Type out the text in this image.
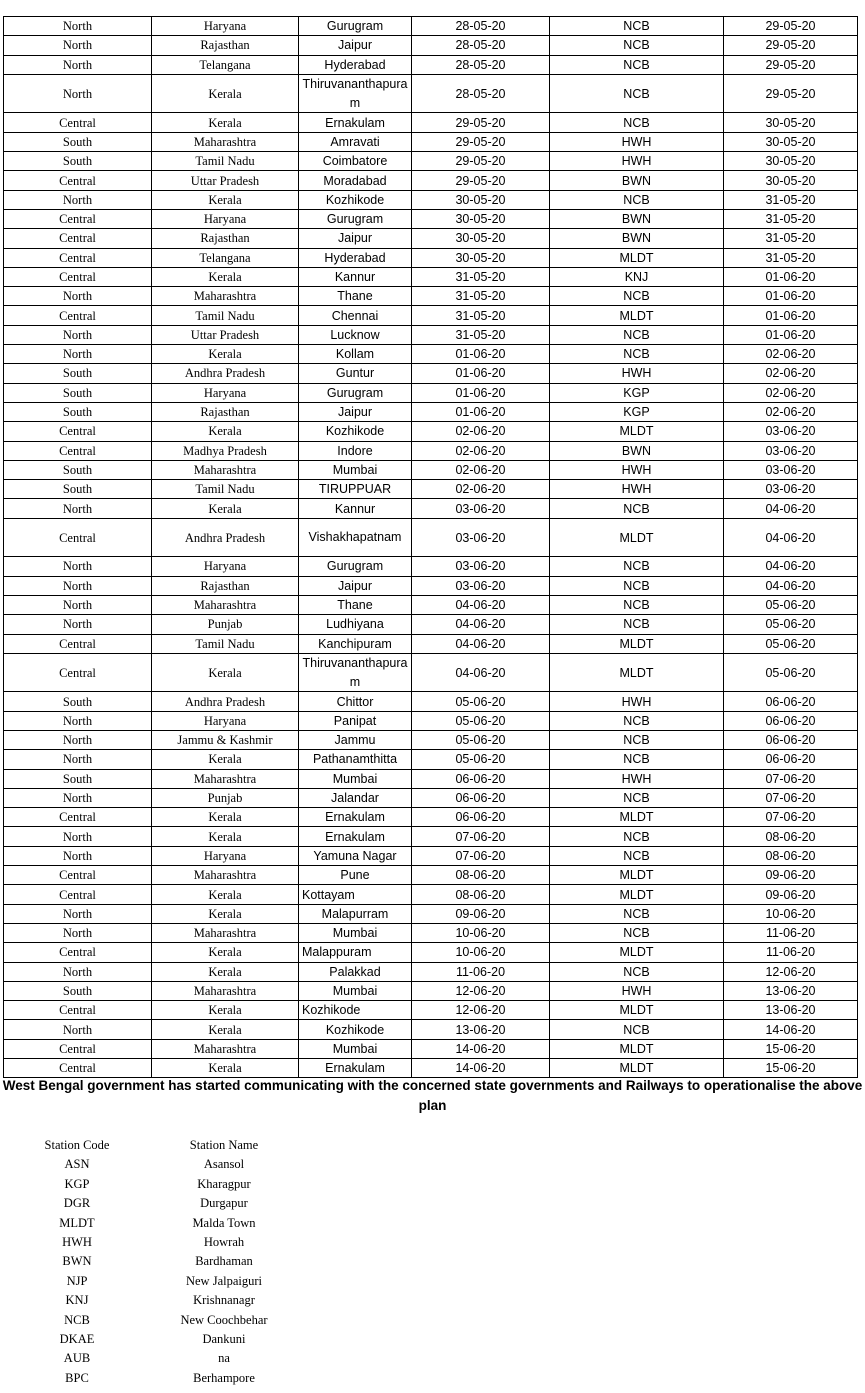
North	Haryana	Gurugram	28-05-20	NCB	29-05-20
North	Rajasthan	Jaipur	28-05-20	NCB	29-05-20
North	Telangana	Hyderabad	28-05-20	NCB	29-05-20
North	Kerala	Thiruvananthapuram	28-05-20	NCB	29-05-20
Central	Kerala	Ernakulam	29-05-20	NCB	30-05-20
South	Maharashtra	Amravati	29-05-20	HWH	30-05-20
South	Tamil Nadu	Coimbatore	29-05-20	HWH	30-05-20
Central	Uttar Pradesh	Moradabad	29-05-20	BWN	30-05-20
North	Kerala	Kozhikode	30-05-20	NCB	31-05-20
Central	Haryana	Gurugram	30-05-20	BWN	31-05-20
Central	Rajasthan	Jaipur	30-05-20	BWN	31-05-20
Central	Telangana	Hyderabad	30-05-20	MLDT	31-05-20
Central	Kerala	Kannur	31-05-20	KNJ	01-06-20
North	Maharashtra	Thane	31-05-20	NCB	01-06-20
Central	Tamil Nadu	Chennai	31-05-20	MLDT	01-06-20
North	Uttar Pradesh	Lucknow	31-05-20	NCB	01-06-20
North	Kerala	Kollam	01-06-20	NCB	02-06-20
South	Andhra Pradesh	Guntur	01-06-20	HWH	02-06-20
South	Haryana	Gurugram	01-06-20	KGP	02-06-20
South	Rajasthan	Jaipur	01-06-20	KGP	02-06-20
Central	Kerala	Kozhikode	02-06-20	MLDT	03-06-20
Central	Madhya Pradesh	Indore	02-06-20	BWN	03-06-20
South	Maharashtra	Mumbai	02-06-20	HWH	03-06-20
South	Tamil Nadu	TIRUPPUAR	02-06-20	HWH	03-06-20
North	Kerala	Kannur	03-06-20	NCB	04-06-20
Central	Andhra Pradesh	Vishakhapatnam	03-06-20	MLDT	04-06-20
North	Haryana	Gurugram	03-06-20	NCB	04-06-20
North	Rajasthan	Jaipur	03-06-20	NCB	04-06-20
North	Maharashtra	Thane	04-06-20	NCB	05-06-20
North	Punjab	Ludhiyana	04-06-20	NCB	05-06-20
Central	Tamil Nadu	Kanchipuram	04-06-20	MLDT	05-06-20
Central	Kerala	Thiruvananthapuram	04-06-20	MLDT	05-06-20
South	Andhra Pradesh	Chittor	05-06-20	HWH	06-06-20
North	Haryana	Panipat	05-06-20	NCB	06-06-20
North	Jammu & Kashmir	Jammu	05-06-20	NCB	06-06-20
North	Kerala	Pathanamthitta	05-06-20	NCB	06-06-20
South	Maharashtra	Mumbai	06-06-20	HWH	07-06-20
North	Punjab	Jalandar	06-06-20	NCB	07-06-20
Central	Kerala	Ernakulam	06-06-20	MLDT	07-06-20
North	Kerala	Ernakulam	07-06-20	NCB	08-06-20
North	Haryana	Yamuna Nagar	07-06-20	NCB	08-06-20
Central	Maharashtra	Pune	08-06-20	MLDT	09-06-20
Central	Kerala	Kottayam	08-06-20	MLDT	09-06-20
North	Kerala	Malapurram	09-06-20	NCB	10-06-20
North	Maharashtra	Mumbai	10-06-20	NCB	11-06-20
Central	Kerala	Malappuram	10-06-20	MLDT	11-06-20
North	Kerala	Palakkad	11-06-20	NCB	12-06-20
South	Maharashtra	Mumbai	12-06-20	HWH	13-06-20
Central	Kerala	Kozhikode	12-06-20	MLDT	13-06-20
North	Kerala	Kozhikode	13-06-20	NCB	14-06-20
Central	Maharashtra	Mumbai	14-06-20	MLDT	15-06-20
Central	Kerala	Ernakulam	14-06-20	MLDT	15-06-20
West Bengal government has started communicating with the concerned state governments and Railways to operationalise the above plan
Station Code	Station Name
ASN	Asansol
KGP	Kharagpur
DGR	Durgapur
MLDT	Malda Town
HWH	Howrah
BWN	Bardhaman
NJP	New Jalpaiguri
KNJ	Krishnanagr
NCB	New Coochbehar
DKAE	Dankuni
AUB	na
BPC	Berhampore
